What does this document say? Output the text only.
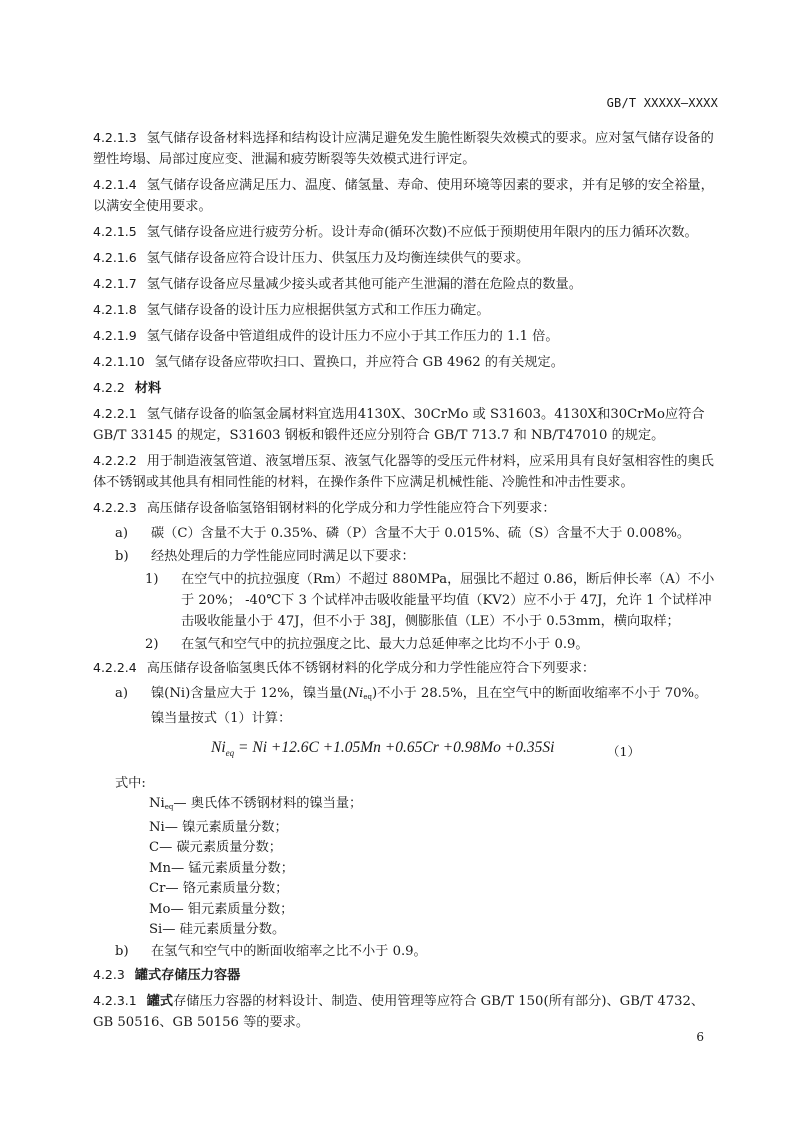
GB/T XXXXX—XXXX

4.2.1.3 氢气储存设备材料选择和结构设计应满足避免发生脆性断裂失效模式的要求。应对氢气储存设备的塑性垮塌、局部过度应变、泄漏和疲劳断裂等失效模式进行评定。

4.2.1.4 氢气储存设备应满足压力、温度、储氢量、寿命、使用环境等因素的要求，并有足够的安全裕量，以满安全使用要求。

4.2.1.5 氢气储存设备应进行疲劳分析。设计寿命(循环次数)不应低于预期使用年限内的压力循环次数。

4.2.1.6 氢气储存设备应符合设计压力、供氢压力及均衡连续供气的要求。

4.2.1.7 氢气储存设备应尽量减少接头或者其他可能产生泄漏的潜在危险点的数量。

4.2.1.8 氢气储存设备的设计压力应根据供氢方式和工作压力确定。

4.2.1.9 氢气储存设备中管道组成件的设计压力不应小于其工作压力的 1.1 倍。

4.2.1.10 氢气储存设备应带吹扫口、置换口，并应符合 GB 4962 的有关规定。

4.2.2 材料

4.2.2.1 氢气储存设备的临氢金属材料宜选用4130X、30CrMo 或 S31603。4130X和30CrMo应符合 GB/T 33145 的规定，S31603 钢板和锻件还应分别符合 GB/T 713.7 和 NB/T47010 的规定。

4.2.2.2 用于制造液氢管道、液氢增压泵、液氢气化器等的受压元件材料，应采用具有良好氢相容性的奥氏体不锈钢或其他具有相同性能的材料，在操作条件下应满足机械性能、冷脆性和冲击性要求。

4.2.2.3 高压储存设备临氢铬钼钢材料的化学成分和力学性能应符合下列要求：

a)	碳（C）含量不大于 0.35%、磷（P）含量不大于 0.015%、硫（S）含量不大于 0.008%。
b)	经热处理后的力学性能应同时满足以下要求：
1)	在空气中的抗拉强度（Rm）不超过 880MPa，屈强比不超过 0.86，断后伸长率（A）不小于 20%； -40℃下 3 个试样冲击吸收能量平均值（KV2）应不小于 47J，允许 1 个试样冲击吸收能量小于 47J，但不小于 38J，侧膨胀值（LE）不小于 0.53mm，横向取样；
2)	在氢气和空气中的抗拉强度之比、最大力总延伸率之比均不小于 0.9。

4.2.2.4 高压储存设备临氢奥氏体不锈钢材料的化学成分和力学性能应符合下列要求：

a)	镍(Ni)含量应大于 12%，镍当量$(Ni_{eq})$不小于 28.5%，且在空气中的断面收缩率不小于 70%。
镍当量按式（1）计算：
$Ni_{eq} = Ni +12.6C +1.05Mn +0.65Cr +0.98Mo +0.35Si$	（1）
式中:
$Ni_{eq}—$ 奥氏体不锈钢材料的镍当量；
Ni— 镍元素质量分数；
C— 碳元素质量分数；
Mn— 锰元素质量分数；
Cr— 铬元素质量分数；
Mo— 钼元素质量分数；
Si— 硅元素质量分数。
b)	在氢气和空气中的断面收缩率之比不小于 0.9。

4.2.3 罐式存储压力容器

4.2.3.1 罐式存储压力容器的材料设计、制造、使用管理等应符合 GB/T 150(所有部分)、GB/T 4732、GB 50516、GB 50156 等的要求。

6
